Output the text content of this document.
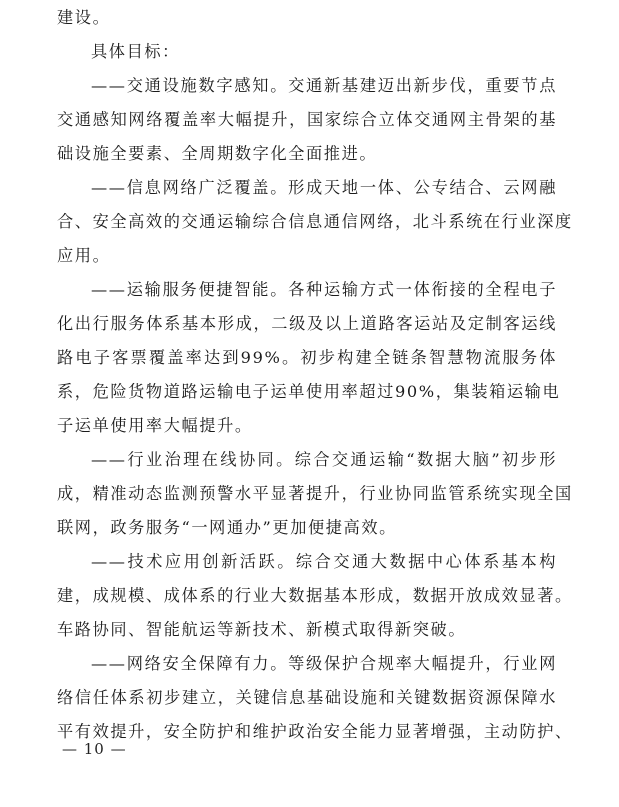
建设。
具体目标：
——交通设施数字感知。交通新基建迈出新步伐，重要节点
交通感知网络覆盖率大幅提升，国家综合立体交通网主骨架的基
础设施全要素、全周期数字化全面推进。
——信息网络广泛覆盖。形成天地一体、公专结合、云网融
合、安全高效的交通运输综合信息通信网络，北斗系统在行业深度
应用。
——运输服务便捷智能。各种运输方式一体衔接的全程电子
化出行服务体系基本形成，二级及以上道路客运站及定制客运线
路电子客票覆盖率达到99%。初步构建全链条智慧物流服务体
系，危险货物道路运输电子运单使用率超过90%，集装箱运输电
子运单使用率大幅提升。
——行业治理在线协同。综合交通运输“数据大脑”初步形
成，精准动态监测预警水平显著提升，行业协同监管系统实现全国
联网，政务服务“一网通办”更加便捷高效。
——技术应用创新活跃。综合交通大数据中心体系基本构
建，成规模、成体系的行业大数据基本形成，数据开放成效显著。
车路协同、智能航运等新技术、新模式取得新突破。
——网络安全保障有力。等级保护合规率大幅提升，行业网
络信任体系初步建立，关键信息基础设施和关键数据资源保障水
平有效提升，安全防护和维护政治安全能力显著增强，主动防护、
— 10 —
